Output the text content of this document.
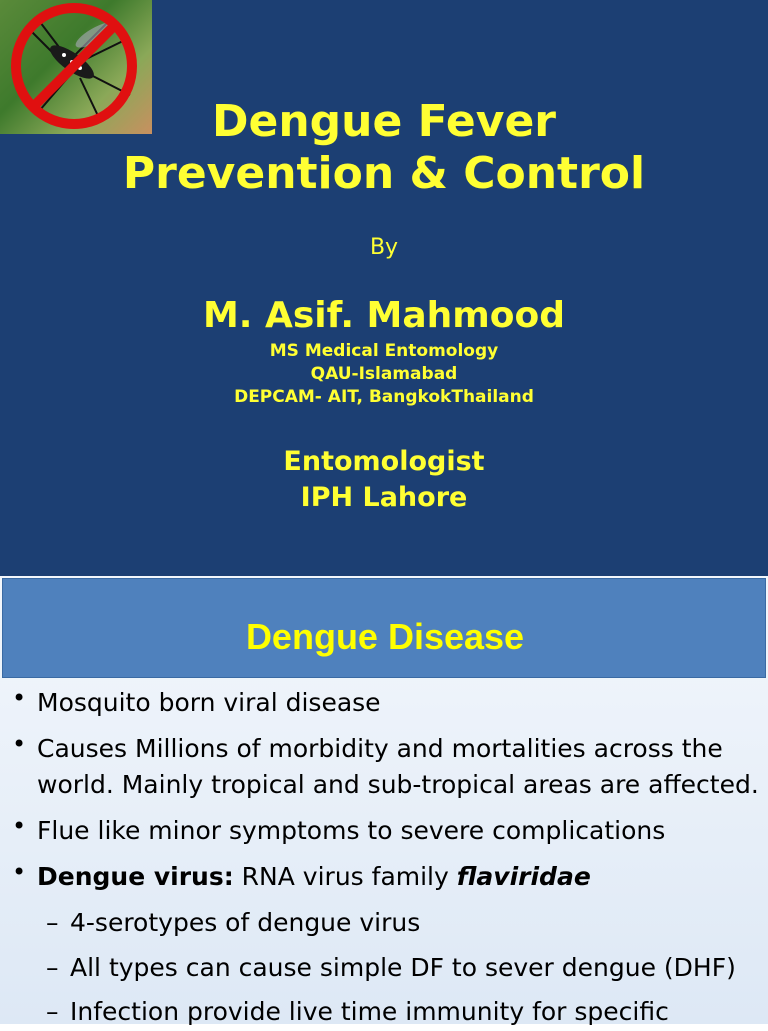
Dengue Fever
Prevention & Control
By
M. Asif. Mahmood
MS Medical Entomology
QAU-Islamabad
DEPCAM- AIT, BangkokThailand
Entomologist
IPH Lahore
Dengue Disease
• Mosquito born viral disease
• Causes Millions of morbidity and mortalities across the
world. Mainly tropical and sub-tropical areas are affected.
• Flue like minor symptoms to severe complications
• Dengue virus: RNA virus family flaviridae
– 4-serotypes of dengue virus
– All types can cause simple DF to sever dengue (DHF)
– Infection provide live time immunity for specific
